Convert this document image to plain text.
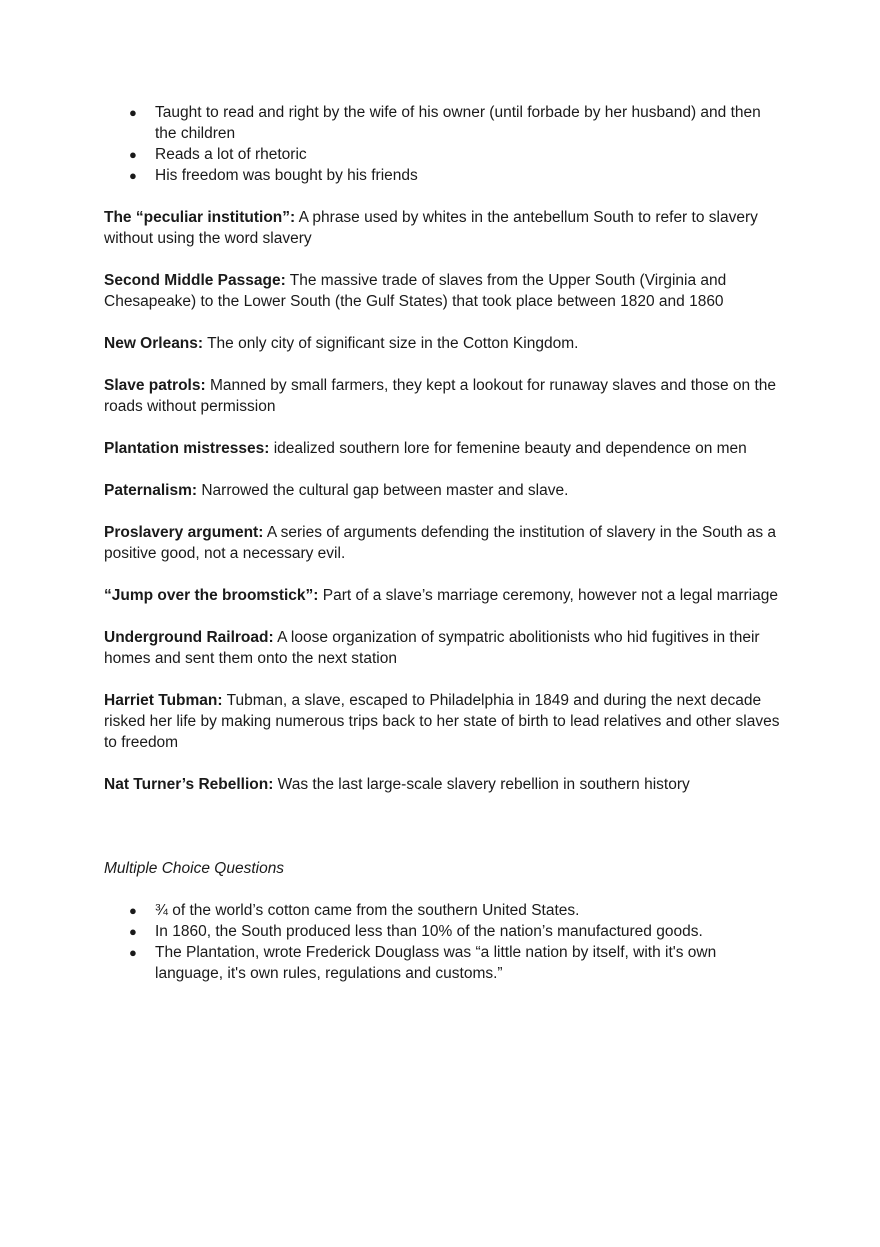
● Taught to read and right by the wife of his owner (until forbade by her husband) and then the children
● Reads a lot of rhetoric
● His freedom was bought by his friends

The “peculiar institution”: A phrase used by whites in the antebellum South to refer to slavery without using the word slavery

Second Middle Passage: The massive trade of slaves from the Upper South (Virginia and Chesapeake) to the Lower South (the Gulf States) that took place between 1820 and 1860

New Orleans: The only city of significant size in the Cotton Kingdom.

Slave patrols: Manned by small farmers, they kept a lookout for runaway slaves and those on the roads without permission

Plantation mistresses: idealized southern lore for femenine beauty and dependence on men

Paternalism: Narrowed the cultural gap between master and slave.

Proslavery argument: A series of arguments defending the institution of slavery in the South as a positive good, not a necessary evil.

“Jump over the broomstick”: Part of a slave’s marriage ceremony, however not a legal marriage

Underground Railroad: A loose organization of sympatric abolitionists who hid fugitives in their homes and sent them onto the next station

Harriet Tubman: Tubman, a slave, escaped to Philadelphia in 1849 and during the next decade risked her life by making numerous trips back to her state of birth to lead relatives and other slaves to freedom

Nat Turner’s Rebellion: Was the last large-scale slavery rebellion in southern history

Multiple Choice Questions

● ¾ of the world’s cotton came from the southern United States.
● In 1860, the South produced less than 10% of the nation’s manufactured goods.
● The Plantation, wrote Frederick Douglass was “a little nation by itself, with it's own language, it's own rules, regulations and customs.”
